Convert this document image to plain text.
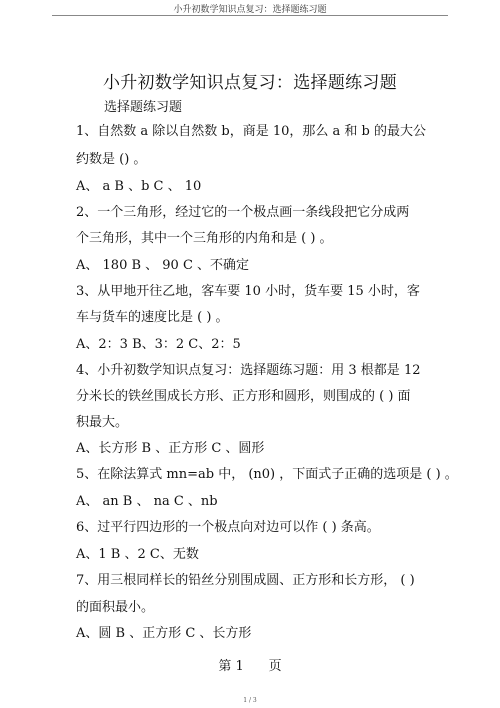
小升初数学知识点复习：选择题练习题
小升初数学知识点复习：选择题练习题
选择题练习题
1、自然数 a 除以自然数 b，商是 10，那么 a 和 b 的最大公
约数是 () 。
A、 a B 、b C 、 10
2、一个三角形，经过它的一个极点画一条线段把它分成两
个三角形，其中一个三角形的内角和是 ( ) 。
A、 180 B 、 90 C 、不确定
3、从甲地开往乙地，客车要 10 小时，货车要 15 小时，客
车与货车的速度比是 ( ) 。
A、2：3 B、3：2 C、2：5
4、小升初数学知识点复习：选择题练习题：用 3 根都是 12
分米长的铁丝围成长方形、正方形和圆形，则围成的 ( ) 面
积最大。
A、长方形 B 、正方形 C 、圆形
5、在除法算式 mn=ab 中， (n0) ，下面式子正确的选项是 ( ) 。
A、 an B 、 na C 、nb
6、过平行四边形的一个极点向对边可以作 ( ) 条高。
A、1 B 、2 C、无数
7、用三根同样长的铅丝分别围成圆、正方形和长方形， ( )
的面积最小。
A、圆 B 、正方形 C 、长方形
第 1      页
1 / 3
